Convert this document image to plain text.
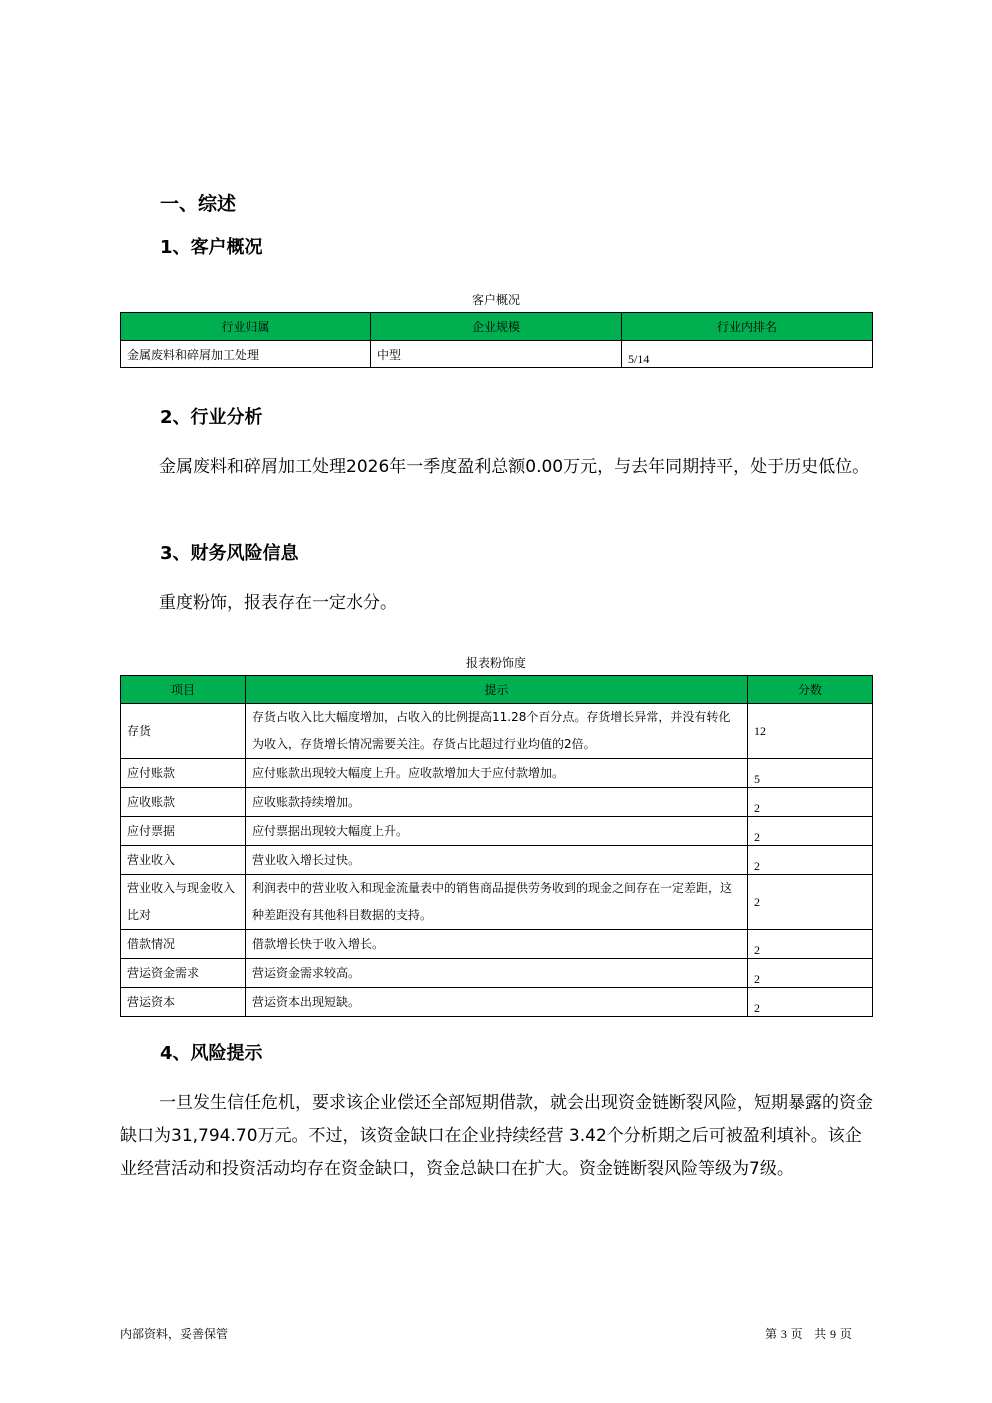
一、综述
1、客户概况
客户概况
行业归属	企业规模	行业内排名
金属废料和碎屑加工处理	中型	5/14
2、行业分析
金属废料和碎屑加工处理2026年一季度盈利总额0.00万元，与去年同期持平，处于历史低位。
3、财务风险信息
重度粉饰，报表存在一定水分。
报表粉饰度
项目	提示	分数
存货	存货占收入比大幅度增加，占收入的比例提高11.28个百分点。存货增长异常，并没有转化为收入，存货增长情况需要关注。存货占比超过行业均值的2倍。	12
应付账款	应付账款出现较大幅度上升。应收款增加大于应付款增加。	5
应收账款	应收账款持续增加。	2
应付票据	应付票据出现较大幅度上升。	2
营业收入	营业收入增长过快。	2
营业收入与现金收入比对	利润表中的营业收入和现金流量表中的销售商品提供劳务收到的现金之间存在一定差距，这种差距没有其他科目数据的支持。	2
借款情况	借款增长快于收入增长。	2
营运资金需求	营运资金需求较高。	2
营运资本	营运资本出现短缺。	2
4、风险提示
一旦发生信任危机，要求该企业偿还全部短期借款，就会出现资金链断裂风险，短期暴露的资金缺口为31,794.70万元。不过，该资金缺口在企业持续经营 3.42个分析期之后可被盈利填补。该企业经营活动和投资活动均存在资金缺口，资金总缺口在扩大。资金链断裂风险等级为7级。
内部资料，妥善保管	第 3 页 共 9 页
